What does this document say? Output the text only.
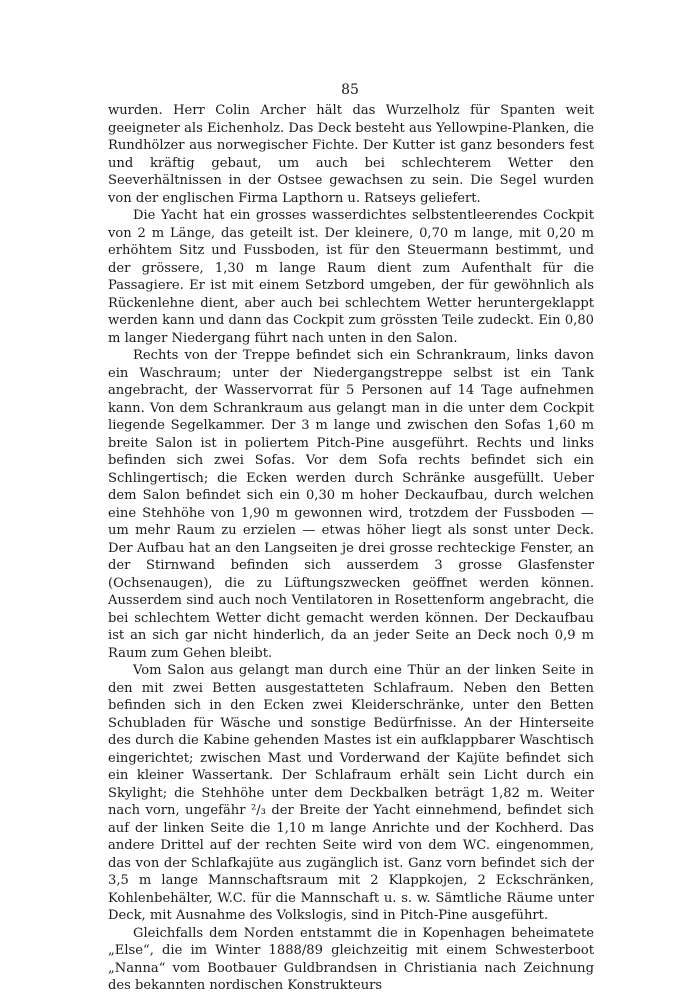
85

wurden. Herr Colin Archer hält das Wurzelholz für Spanten weit geeigneter als Eichenholz. Das Deck besteht aus Yellowpine-Planken, die Rundhölzer aus norwegischer Fichte. Der Kutter ist ganz besonders fest und kräftig gebaut, um auch bei schlechterem Wetter den Seeverhältnissen in der Ostsee gewachsen zu sein. Die Segel wurden von der englischen Firma Lapthorn u. Ratseys geliefert.

Die Yacht hat ein grosses wasserdichtes selbstentleerendes Cockpit von 2 m Länge, das geteilt ist. Der kleinere, 0,70 m lange, mit 0,20 m erhöhtem Sitz und Fussboden, ist für den Steuermann bestimmt, und der grössere, 1,30 m lange Raum dient zum Aufenthalt für die Passagiere. Er ist mit einem Setzbord umgeben, der für gewöhnlich als Rückenlehne dient, aber auch bei schlechtem Wetter heruntergeklappt werden kann und dann das Cockpit zum grössten Teile zudeckt. Ein 0,80 m langer Niedergang führt nach unten in den Salon.

Rechts von der Treppe befindet sich ein Schrankraum, links davon ein Waschraum; unter der Niedergangstreppe selbst ist ein Tank angebracht, der Wasservorrat für 5 Personen auf 14 Tage aufnehmen kann. Von dem Schrankraum aus gelangt man in die unter dem Cockpit liegende Segelkammer. Der 3 m lange und zwischen den Sofas 1,60 m breite Salon ist in poliertem Pitch-Pine ausgeführt. Rechts und links befinden sich zwei Sofas. Vor dem Sofa rechts befindet sich ein Schlingertisch; die Ecken werden durch Schränke ausgefüllt. Ueber dem Salon befindet sich ein 0,30 m hoher Deckaufbau, durch welchen eine Stehhöhe von 1,90 m gewonnen wird, trotzdem der Fussboden — um mehr Raum zu erzielen — etwas höher liegt als sonst unter Deck. Der Aufbau hat an den Langseiten je drei grosse rechteckige Fenster, an der Stirnwand befinden sich ausserdem 3 grosse Glasfenster (Ochsenaugen), die zu Lüftungszwecken geöffnet werden können. Ausserdem sind auch noch Ventilatoren in Rosettenform angebracht, die bei schlechtem Wetter dicht gemacht werden können. Der Deckaufbau ist an sich gar nicht hinderlich, da an jeder Seite an Deck noch 0,9 m Raum zum Gehen bleibt.

Vom Salon aus gelangt man durch eine Thür an der linken Seite in den mit zwei Betten ausgestatteten Schlafraum. Neben den Betten befinden sich in den Ecken zwei Kleiderschränke, unter den Betten Schubladen für Wäsche und sonstige Bedürfnisse. An der Hinterseite des durch die Kabine gehenden Mastes ist ein aufklappbarer Waschtisch eingerichtet; zwischen Mast und Vorderwand der Kajüte befindet sich ein kleiner Wassertank. Der Schlafraum erhält sein Licht durch ein Skylight; die Stehhöhe unter dem Deckbalken beträgt 1,82 m. Weiter nach vorn, ungefähr ²/₃ der Breite der Yacht einnehmend, befindet sich auf der linken Seite die 1,10 m lange Anrichte und der Kochherd. Das andere Drittel auf der rechten Seite wird von dem WC. eingenommen, das von der Schlafkajüte aus zugänglich ist. Ganz vorn befindet sich der 3,5 m lange Mannschaftsraum mit 2 Klappkojen, 2 Eckschränken, Kohlenbehälter, W.C. für die Mannschaft u. s. w. Sämtliche Räume unter Deck, mit Ausnahme des Volkslogis, sind in Pitch-Pine ausgeführt.

Gleichfalls dem Norden entstammt die in Kopenhagen beheimatete „Else“, die im Winter 1888/89 gleichzeitig mit einem Schwesterboot „Nanna“ vom Bootbauer Guldbrandsen in Christiania nach Zeichnung des bekannten nordischen Konstrukteurs
